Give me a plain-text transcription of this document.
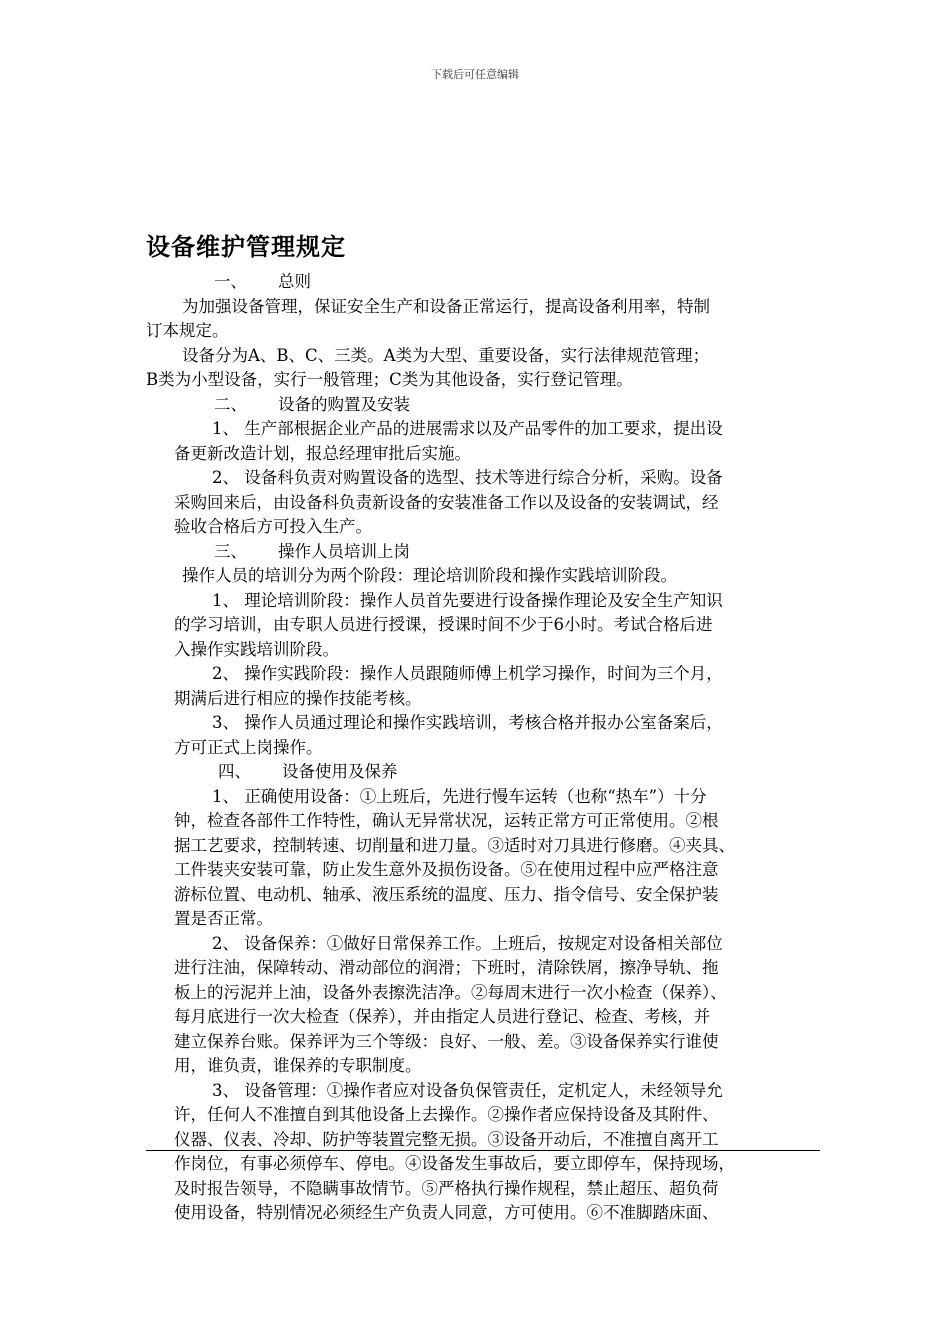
下载后可任意编辑
设备维护管理规定
一、 总则
为加强设备管理，保证安全生产和设备正常运行，提高设备利用率，特制
订本规定。
设备分为A、B、C、三类。A类为大型、重要设备，实行法律规范管理；
B类为小型设备，实行一般管理；C类为其他设备，实行登记管理。
二、 设备的购置及安装
1、 生产部根据企业产品的进展需求以及产品零件的加工要求，提出设
备更新改造计划，报总经理审批后实施。
2、 设备科负责对购置设备的选型、技术等进行综合分析，采购。设备
采购回来后，由设备科负责新设备的安装准备工作以及设备的安装调试，经
验收合格后方可投入生产。
三、 操作人员培训上岗
操作人员的培训分为两个阶段：理论培训阶段和操作实践培训阶段。
1、 理论培训阶段：操作人员首先要进行设备操作理论及安全生产知识
的学习培训，由专职人员进行授课，授课时间不少于6小时。考试合格后进
入操作实践培训阶段。
2、 操作实践阶段：操作人员跟随师傅上机学习操作，时间为三个月，
期满后进行相应的操作技能考核。
3、 操作人员通过理论和操作实践培训，考核合格并报办公室备案后，
方可正式上岗操作。
四、 设备使用及保养
1、 正确使用设备：①上班后，先进行慢车运转（也称“热车”）十分
钟，检查各部件工作特性，确认无异常状况，运转正常方可正常使用。②根
据工艺要求，控制转速、切削量和进刀量。③适时对刀具进行修磨。④夹具、
工件装夹安装可靠，防止发生意外及损伤设备。⑤在使用过程中应严格注意
游标位置、电动机、轴承、液压系统的温度、压力、指令信号、安全保护装
置是否正常。
2、 设备保养：①做好日常保养工作。上班后，按规定对设备相关部位
进行注油，保障转动、滑动部位的润滑；下班时，清除铁屑，擦净导轨、拖
板上的污泥并上油，设备外表擦洗洁净。②每周末进行一次小检查（保养）、
每月底进行一次大检查（保养），并由指定人员进行登记、检查、考核，并
建立保养台账。保养评为三个等级：良好、一般、差。③设备保养实行谁使
用，谁负责，谁保养的专职制度。
3、 设备管理：①操作者应对设备负保管责任，定机定人，未经领导允
许，任何人不准擅自到其他设备上去操作。②操作者应保持设备及其附件、
仪器、仪表、冷却、防护等装置完整无损。③设备开动后，不准擅自离开工
作岗位，有事必须停车、停电。④设备发生事故后，要立即停车，保持现场，
及时报告领导，不隐瞒事故情节。⑤严格执行操作规程，禁止超压、超负荷
使用设备，特别情况必须经生产负责人同意，方可使用。⑥不准脚踏床面、
